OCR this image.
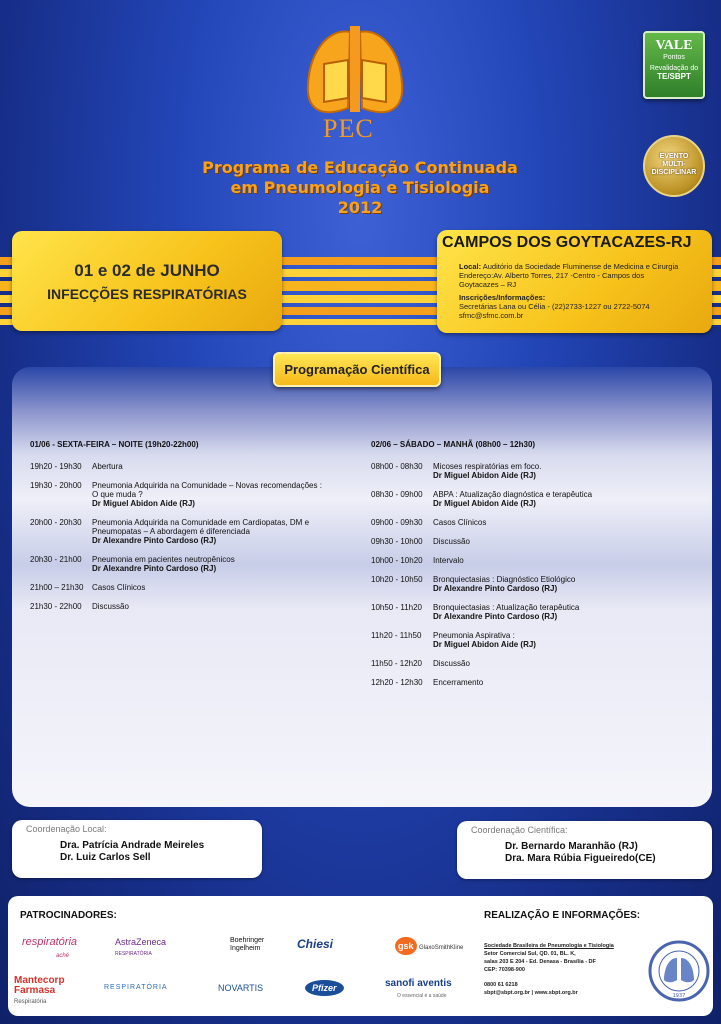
PEC
Programa de Educação Continuada
em Pneumologia e Tisiologia
2012
VALE
Pontos
Revalidação do
TE/SBPT
EVENTO
MULTI-
DISCIPLINAR
01 e 02 de JUNHO
INFECÇÕES RESPIRATÓRIAS
CAMPOS DOS GOYTACAZES-RJ
Local: Auditório da Sociedade Fluminense de Medicina e Cirurgia
Endereço:Av. Alberto Torres, 217 -Centro - Campos dos
Goytacazes – RJ
Inscrições/Informações:
Secretárias Lana ou Célia - (22)2733-1227 ou 2722-5074
sfmc@sfmc.com.br
Programação Científica
01/06 - SEXTA-FEIRA – NOITE (19h20-22h00)
19h20 - 19h30	Abertura
19h30 - 20h00	Pneumonia Adquirida na Comunidade – Novas recomendações :
O que muda ?
Dr Miguel Abidon Aide (RJ)
20h00 - 20h30	Pneumonia Adquirida na Comunidade em Cardiopatas, DM e
Pneumopatas – A abordagem é diferenciada
Dr Alexandre Pinto Cardoso (RJ)
20h30 - 21h00	Pneumonia em pacientes neutropênicos
Dr Alexandre Pinto Cardoso (RJ)
21h00 – 21h30	Casos Clínicos
21h30 - 22h00	Discussão
02/06 – SÁBADO – MANHÃ (08h00 – 12h30)
08h00 - 08h30	Micoses respiratórias em foco.
Dr Miguel Abidon Aide (RJ)
08h30 - 09h00	ABPA : Atualização diagnóstica e terapêutica
Dr Miguel Abidon Aide (RJ)
09h00 - 09h30	Casos Clínicos
09h30 - 10h00	Discussão
10h00 - 10h20	Intervalo
10h20 - 10h50	Bronquiectasias : Diagnóstico Etiológico
Dr Alexandre Pinto Cardoso (RJ)
10h50 - 11h20	Bronquiectasias : Atualização terapêutica
Dr Alexandre Pinto Cardoso (RJ)
11h20 - 11h50	Pneumonia Aspirativa :
Dr Miguel Abidon Aide (RJ)
11h50 - 12h20	Discussão
12h20 - 12h30	Encerramento
Coordenação Local:
Dra. Patrícia Andrade Meireles
Dr. Luiz Carlos Sell
Coordenação Científica:
Dr. Bernardo Maranhão (RJ)
Dra. Mara Rúbia Figueiredo(CE)
PATROCINADORES:	REALIZAÇÃO E INFORMAÇÕES:
respiratória
aché
AstraZeneca
RESPIRATÓRIA
Boehringer
Ingelheim	Chiesi	gsk GlaxoSmithKline
Mantecorp
Farmasa
Respiratória
RESPIRATÓRIA	NOVARTIS	Pfizer	sanofi aventis
O essencial é a saúde
Sociedade Brasileira de Pneumologia e Tisiologia
Setor Comercial Sul, QD. 01, BL. K,
salas 203 E 204 - Ed. Denasa - Brasília - DF
CEP: 70398-900
0800 61 6218
sbpt@sbpt.org.br | www.sbpt.org.br	1937
